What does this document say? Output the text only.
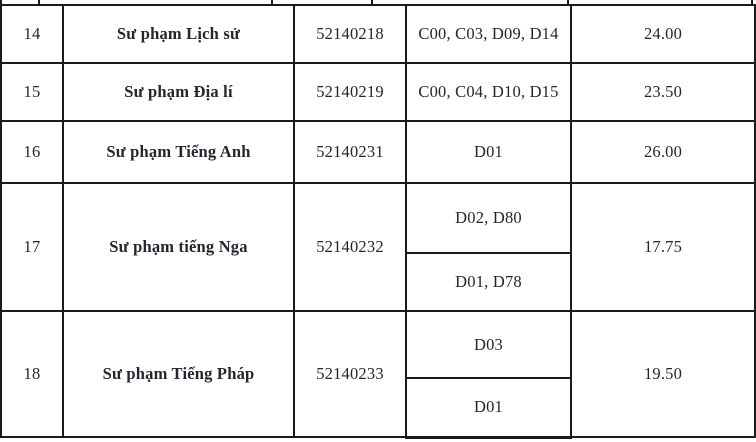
14	Sư phạm Lịch sử	52140218	C00, C03, D09, D14	24.00
15	Sư phạm Địa lí	52140219	C00, C04, D10, D15	23.50
16	Sư phạm Tiếng Anh	52140231	D01	26.00
17	Sư phạm tiếng Nga	52140232	D02, D80	17.75
			D01, D78	
18	Sư phạm Tiếng Pháp	52140233	D03	19.50
			D01	
